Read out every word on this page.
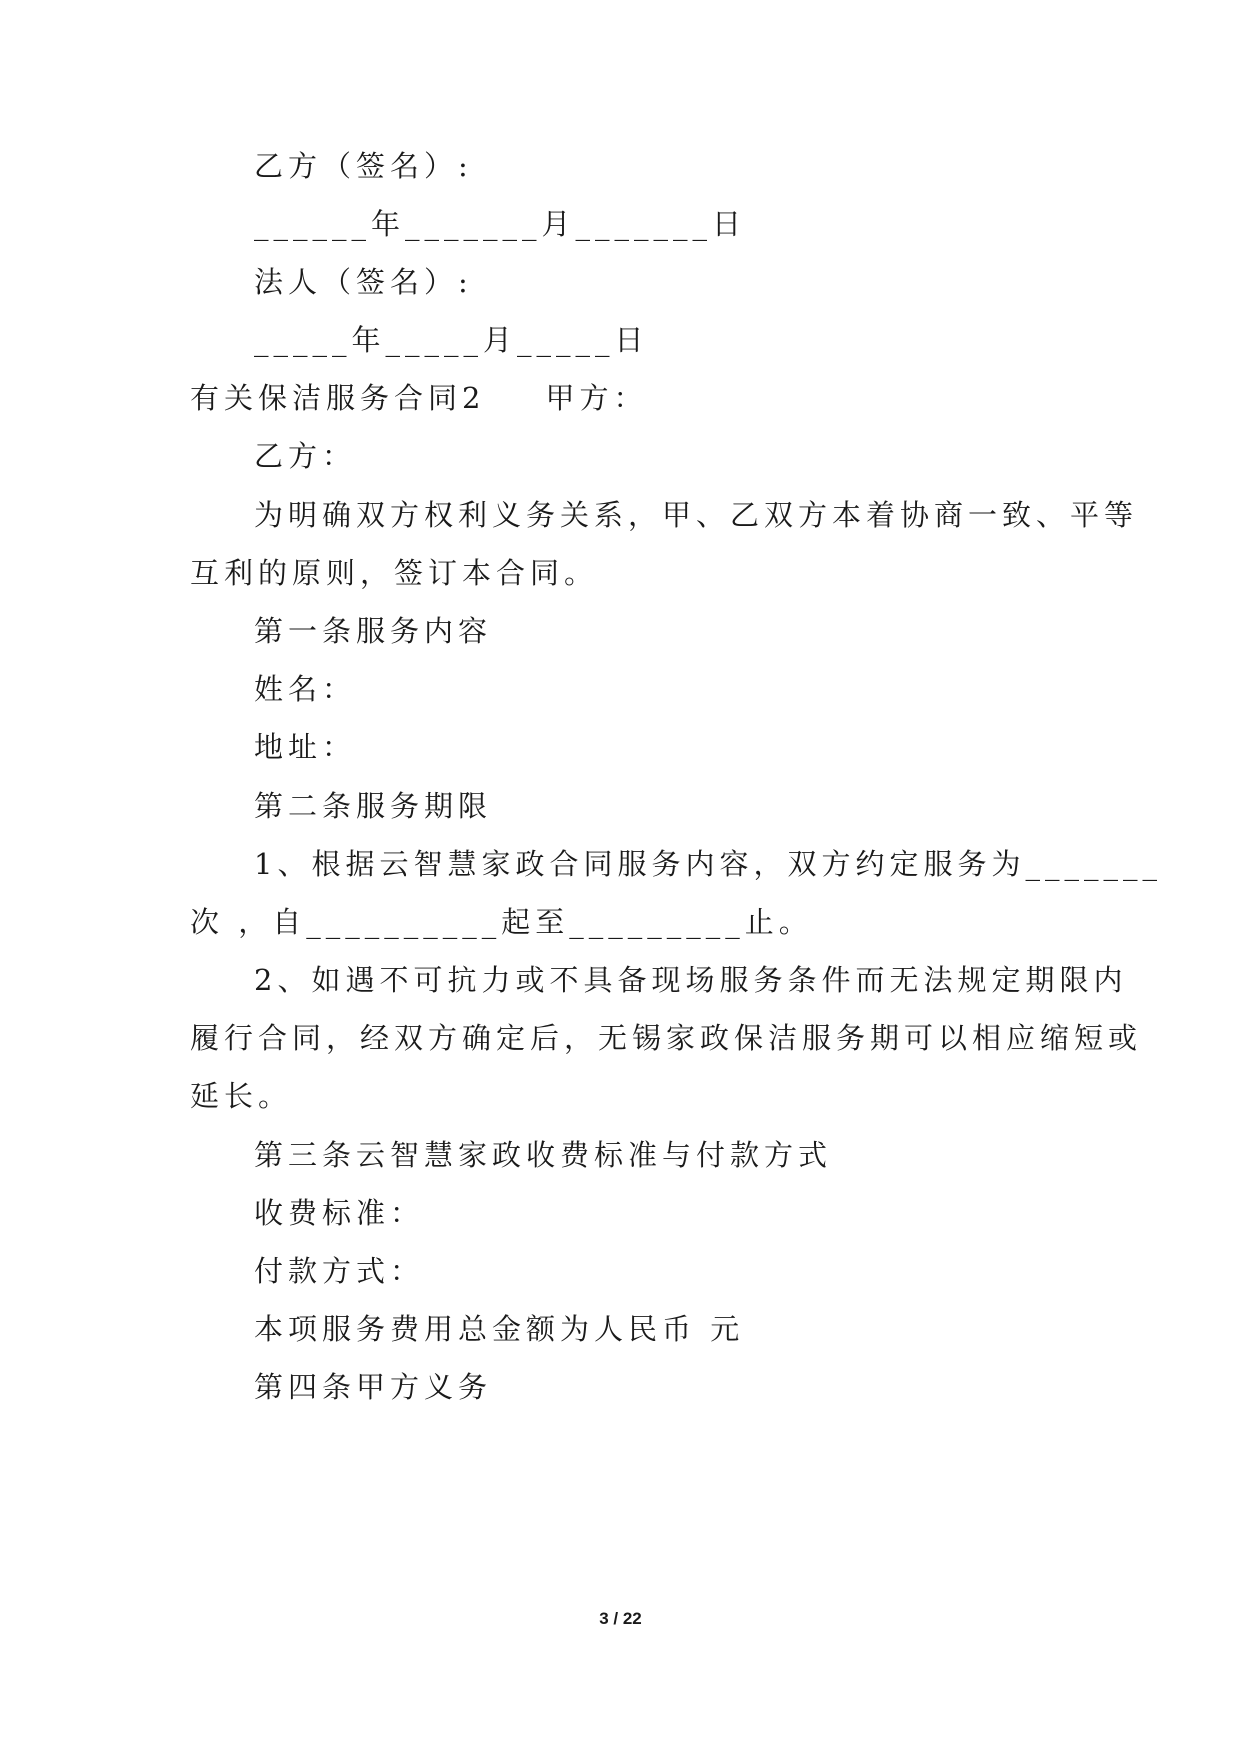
乙方（签名）:
______年_______月_______日
法人（签名）:
_____年_____月_____日
有关保洁服务合同2 甲方：
乙方：
为明确双方权利义务关系，甲、乙双方本着协商一致、平等
互利的原则，签订本合同。
第一条服务内容
姓名：
地址：
第二条服务期限
1、根据云智慧家政合同服务内容，双方约定服务为_______
次 ，自__________起至_________止。
2、如遇不可抗力或不具备现场服务条件而无法规定期限内
履行合同，经双方确定后，无锡家政保洁服务期可以相应缩短或
延长。
第三条云智慧家政收费标准与付款方式
收费标准：
付款方式：
本项服务费用总金额为人民币 元
第四条甲方义务
3 / 22
